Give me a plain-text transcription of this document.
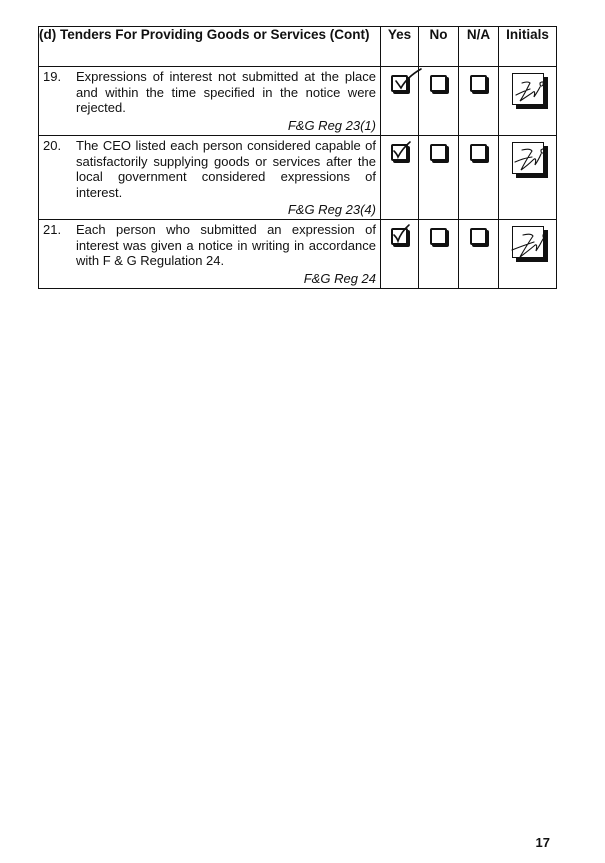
(d) Tenders For Providing Goods or Services (Cont)	Yes	No	N/A	Initials

19. Expressions of interest not submitted at the place and within the time specified in the notice were rejected.
F&G Reg 23(1)

20. The CEO listed each person considered capable of satisfactorily supplying goods or services after the local government considered expressions of interest.
F&G Reg 23(4)

21. Each person who submitted an expression of interest was given a notice in writing in accordance with F & G Regulation 24.
F&G Reg 24

17
